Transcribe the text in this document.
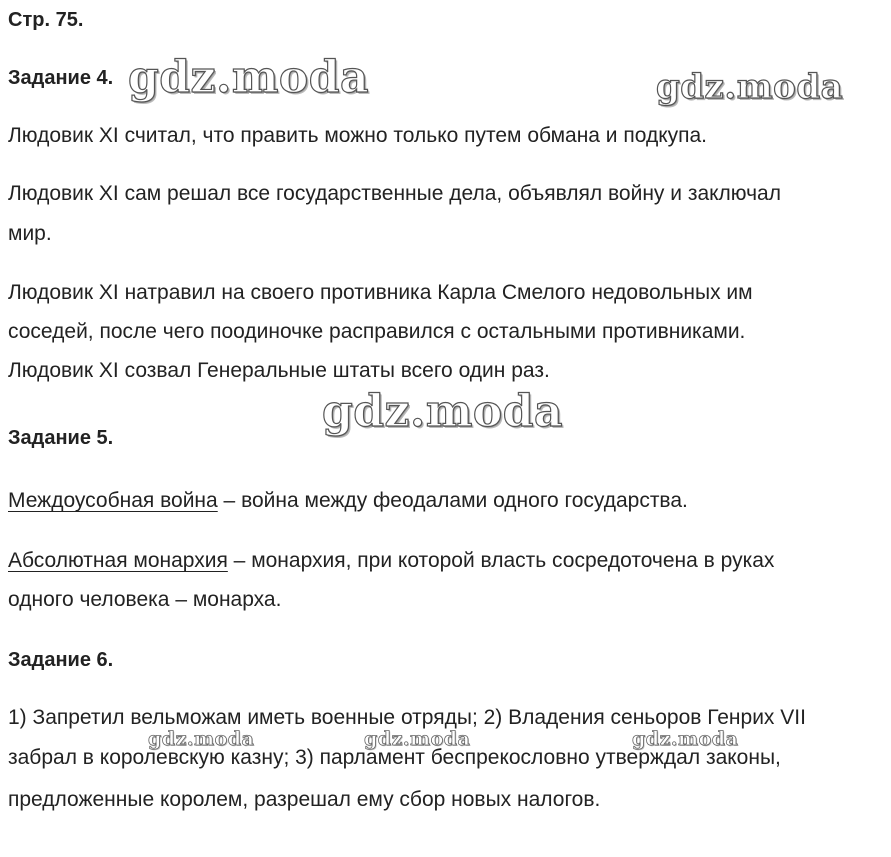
Стр. 75.
Задание 4.
Людовик XI считал, что править можно только путем обмана и подкупа.
Людовик XI сам решал все государственные дела, объявлял войну и заключал
мир.
Людовик XI натравил на своего противника Карла Смелого недовольных им
соседей, после чего поодиночке расправился с остальными противниками.
Людовик XI созвал Генеральные штаты всего один раз.
Задание 5.
Междоусобная война – война между феодалами одного государства.
Абсолютная монархия – монархия, при которой власть сосредоточена в руках
одного человека – монарха.
Задание 6.
1) Запретил вельможам иметь военные отряды; 2) Владения сеньоров Генрих VII
забрал в королевскую казну; 3) парламент беспрекословно утверждал законы,
предложенные королем, разрешал ему сбор новых налогов.
gdz.moda	gdz.moda
gdz.moda
gdz.moda	gdz.moda	gdz.moda
